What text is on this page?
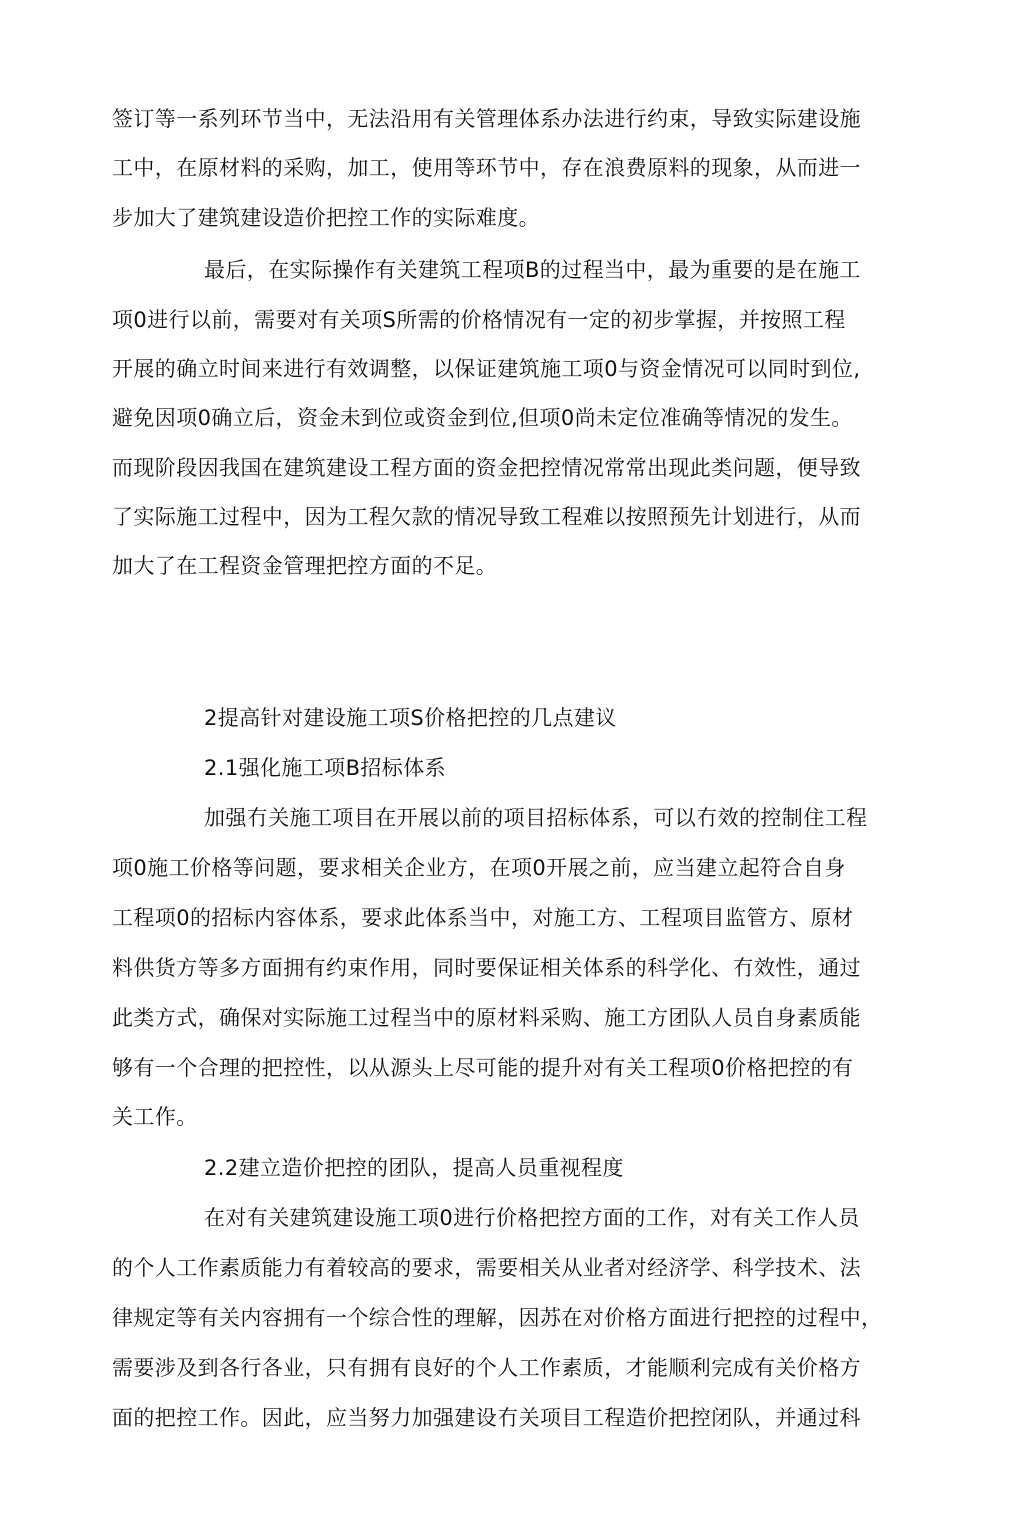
签订等一系列环节当中，无法沿用有关管理体系办法进行约束，导致实际建设施
工中，在原材料的采购，加工，使用等环节中，存在浪费原料的现象，从而进一
步加大了建筑建设造价把控工作的实际难度。
最后，在实际操作有关建筑工程项B的过程当中，最为重要的是在施工
项0进行以前，需要对有关项S所需的价格情况有一定的初步掌握，并按照工程
开展的确立时间来进行有效调整，以保证建筑施工项0与资金情况可以同时到位,
避免因项0确立后，资金未到位或资金到位,但项0尚未定位准确等情况的发生。
而现阶段因我国在建筑建设工程方面的资金把控情况常常出现此类问题，便导致
了实际施工过程中，因为工程欠款的情况导致工程难以按照预先计划进行，从而
加大了在工程资金管理把控方面的不足。
2提高针对建设施工项S价格把控的几点建议
2.1强化施工项B招标体系
加强冇关施工项目在开展以前的项目招标体系，可以冇效的控制住工程
项0施工价格等问题，要求相关企业方，在项0开展之前，应当建立起符合自身
工程项0的招标内容体系，要求此体系当中，对施工方、工程项目监管方、原材
料供货方等多方面拥有约束作用，同时要保证相关体系的科学化、冇效性，通过
此类方式，确保对实际施工过程当中的原材料采购、施工方团队人员自身素质能
够有一个合理的把控性，以从源头上尽可能的提升对有关工程项0价格把控的有
关工作。
2.2建立造价把控的团队，提高人员重视程度
在对有关建筑建设施工项0进行价格把控方面的工作，对有关工作人员
的个人工作素质能力有着较高的要求，需要相关从业者对经济学、科学技术、法
律规定等有关内容拥有一个综合性的理解，因苏在对价格方面进行把控的过程中，
需要涉及到各行各业，只有拥有良好的个人工作素质，才能顺利完成有关价格方
面的把控工作。因此，应当努力加强建设冇关项目工程造价把控闭队，并通过科
